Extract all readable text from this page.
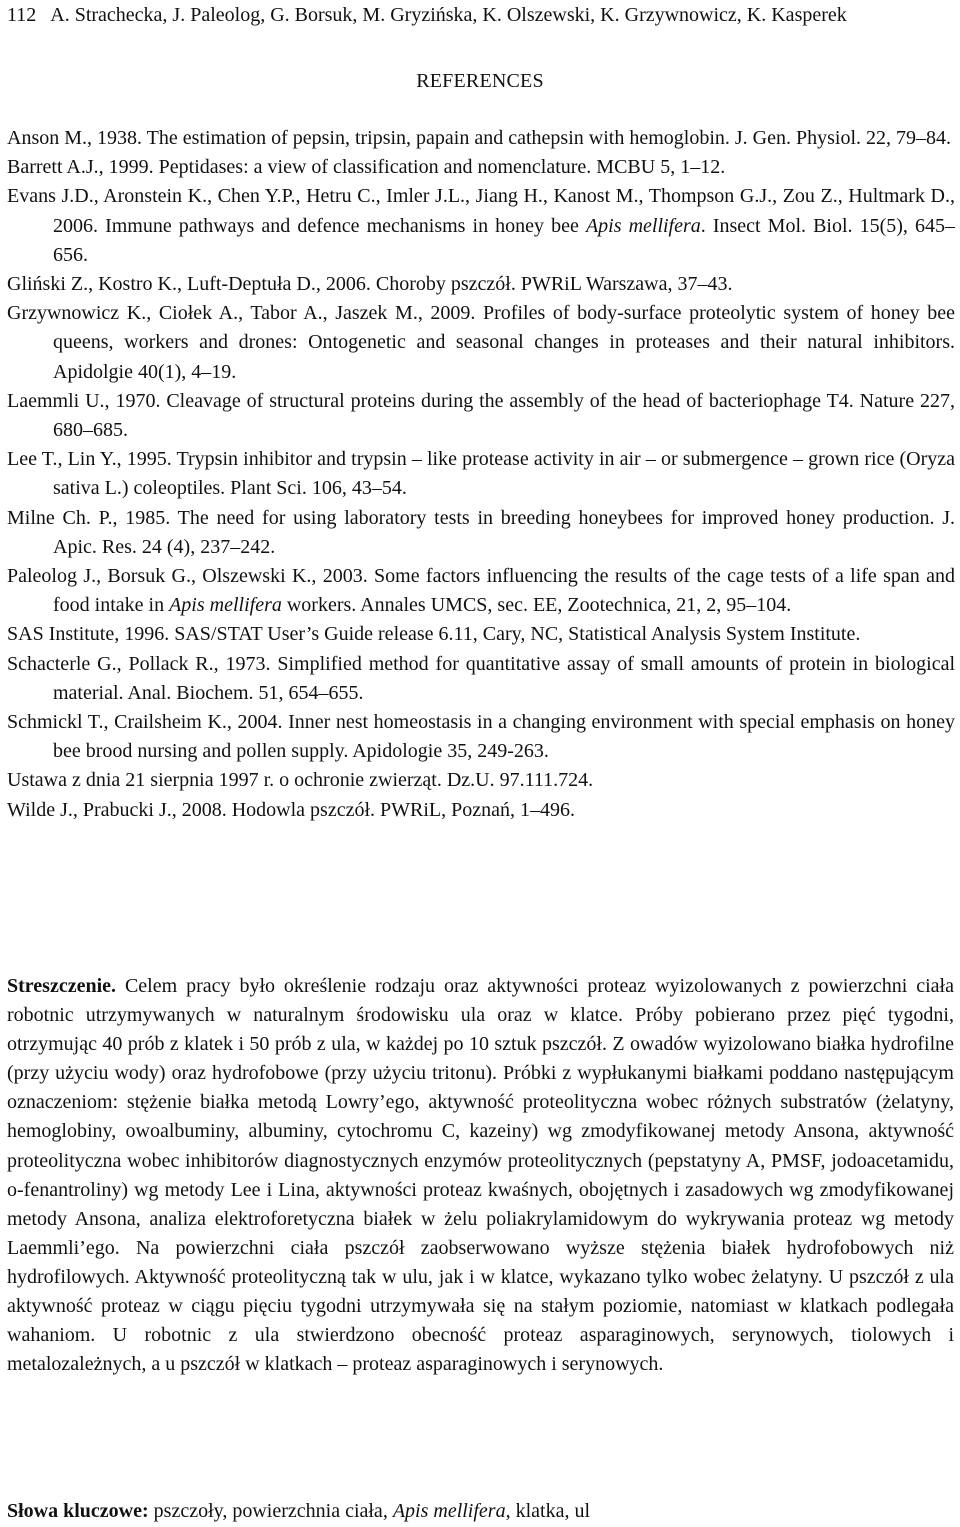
112 A. Strachecka, J. Paleolog, G. Borsuk, M. Gryzińska, K. Olszewski, K. Grzywnowicz, K. Kasperek
REFERENCES

Anson M., 1938. The estimation of pepsin, tripsin, papain and cathepsin with hemoglobin. J. Gen. Physiol. 22, 79–84.

Barrett A.J., 1999. Peptidases: a view of classification and nomenclature. MCBU 5, 1–12.

Evans J.D., Aronstein K., Chen Y.P., Hetru C., Imler J.L., Jiang H., Kanost M., Thompson G.J., Zou Z., Hultmark D., 2006. Immune pathways and defence mechanisms in honey bee Apis mellifera. Insect Mol. Biol. 15(5), 645–656.

Gliński Z., Kostro K., Luft-Deptuła D., 2006. Choroby pszczół. PWRiL Warszawa, 37–43.

Grzywnowicz K., Ciołek A., Tabor A., Jaszek M., 2009. Profiles of body-surface proteolytic system of honey bee queens, workers and drones: Ontogenetic and seasonal changes in proteases and their natural inhibitors. Apidolgie 40(1), 4–19.

Laemmli U., 1970. Cleavage of structural proteins during the assembly of the head of bacteriophage T4. Nature 227, 680–685.

Lee T., Lin Y., 1995. Trypsin inhibitor and trypsin – like protease activity in air – or submergence – grown rice (Oryza sativa L.) coleoptiles. Plant Sci. 106, 43–54.

Milne Ch. P., 1985. The need for using laboratory tests in breeding honeybees for improved honey production. J. Apic. Res. 24 (4), 237–242.

Paleolog J., Borsuk G., Olszewski K., 2003. Some factors influencing the results of the cage tests of a life span and food intake in Apis mellifera workers. Annales UMCS, sec. EE, Zootechnica, 21, 2, 95–104.

SAS Institute, 1996. SAS/STAT User’s Guide release 6.11, Cary, NC, Statistical Analysis System Institute.

Schacterle G., Pollack R., 1973. Simplified method for quantitative assay of small amounts of protein in biological material. Anal. Biochem. 51, 654–655.

Schmickl T., Crailsheim K., 2004. Inner nest homeostasis in a changing environment with special emphasis on honey bee brood nursing and pollen supply. Apidologie 35, 249-263.

Ustawa z dnia 21 sierpnia 1997 r. o ochronie zwierząt. Dz.U. 97.111.724.

Wilde J., Prabucki J., 2008. Hodowla pszczół. PWRiL, Poznań, 1–496.

Streszczenie. Celem pracy było określenie rodzaju oraz aktywności proteaz wyizolowanych z powierzchni ciała robotnic utrzymywanych w naturalnym środowisku ula oraz w klatce. Próby pobierano przez pięć tygodni, otrzymując 40 prób z klatek i 50 prób z ula, w każdej po 10 sztuk pszczół. Z owadów wyizolowano białka hydrofilne (przy użyciu wody) oraz hydrofobowe (przy użyciu tritonu). Próbki z wypłukanymi białkami poddano następującym oznaczeniom: stężenie białka metodą Lowry’ego, aktywność proteolityczna wobec różnych substratów (żelatyny, hemoglobiny, owoalbuminy, albuminy, cytochromu C, kazeiny) wg zmodyfikowanej metody Ansona, aktywność proteolityczna wobec inhibitorów diagnostycznych enzymów proteolitycznych (pepstatyny A, PMSF, jodoacetamidu, o-fenantroliny) wg metody Lee i Lina, aktywności proteaz kwaśnych, obojętnych i zasadowych wg zmodyfikowanej metody Ansona, analiza elektroforetyczna białek w żelu poliakrylamidowym do wykrywania proteaz wg metody Laemmli’ego. Na powierzchni ciała pszczół zaobserwowano wyższe stężenia białek hydrofobowych niż hydrofilowych. Aktywność proteolityczną tak w ulu, jak i w klatce, wykazano tylko wobec żelatyny. U pszczół z ula aktywność proteaz w ciągu pięciu tygodni utrzymywała się na stałym poziomie, natomiast w klatkach podlegała wahaniom. U robotnic z ula stwierdzono obecność proteaz asparaginowych, serynowych, tiolowych i metalozależnych, a u pszczół w klatkach – proteaz asparaginowych i serynowych.

Słowa kluczowe: pszczoły, powierzchnia ciała, Apis mellifera, klatka, ul
